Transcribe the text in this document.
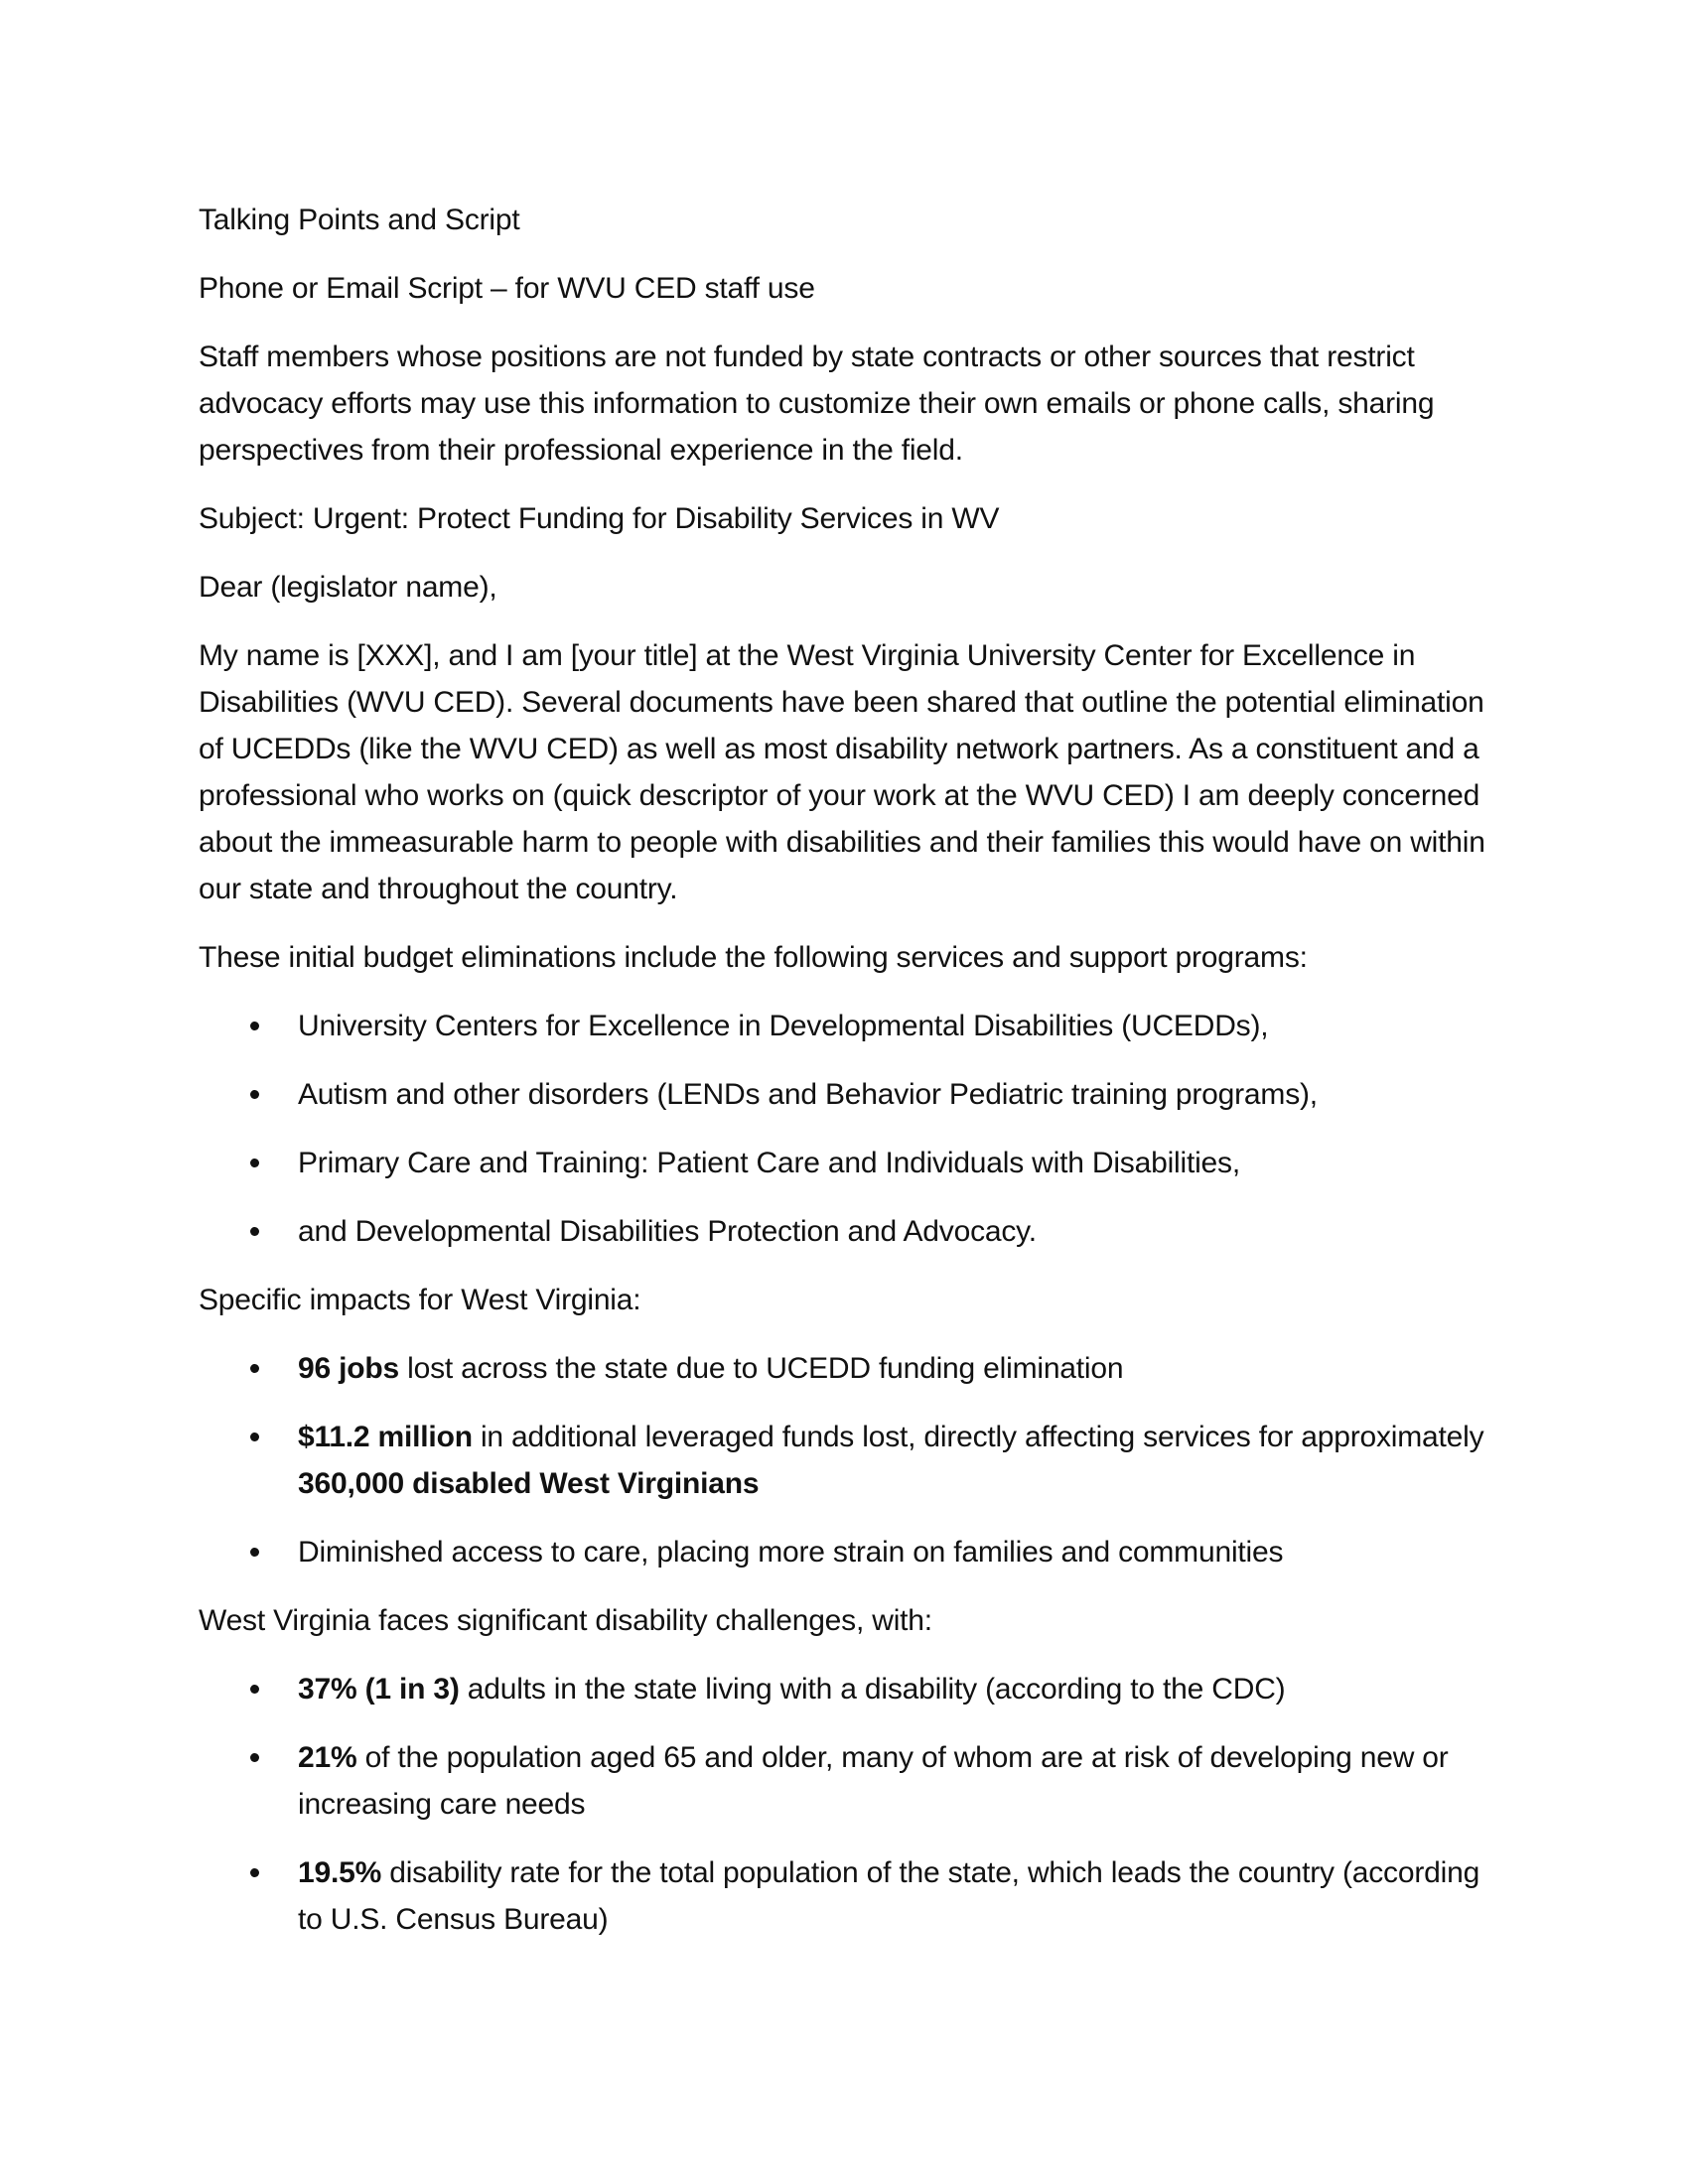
Talking Points and Script

Phone or Email Script – for WVU CED staff use

Staff members whose positions are not funded by state contracts or other sources that restrict advocacy efforts may use this information to customize their own emails or phone calls, sharing perspectives from their professional experience in the field.

Subject: Urgent: Protect Funding for Disability Services in WV

Dear (legislator name),

My name is [XXX], and I am [your title] at the West Virginia University Center for Excellence in Disabilities (WVU CED). Several documents have been shared that outline the potential elimination of UCEDDs (like the WVU CED) as well as most disability network partners. As a constituent and a professional who works on (quick descriptor of your work at the WVU CED) I am deeply concerned about the immeasurable harm to people with disabilities and their families this would have on within our state and throughout the country.

These initial budget eliminations include the following services and support programs:

University Centers for Excellence in Developmental Disabilities (UCEDDs),
Autism and other disorders (LENDs and Behavior Pediatric training programs),
Primary Care and Training: Patient Care and Individuals with Disabilities,
and Developmental Disabilities Protection and Advocacy.

Specific impacts for West Virginia:

96 jobs lost across the state due to UCEDD funding elimination
$11.2 million in additional leveraged funds lost, directly affecting services for approximately 360,000 disabled West Virginians
Diminished access to care, placing more strain on families and communities

West Virginia faces significant disability challenges, with:

37% (1 in 3) adults in the state living with a disability (according to the CDC)
21% of the population aged 65 and older, many of whom are at risk of developing new or increasing care needs
19.5% disability rate for the total population of the state, which leads the country (according to U.S. Census Bureau)
